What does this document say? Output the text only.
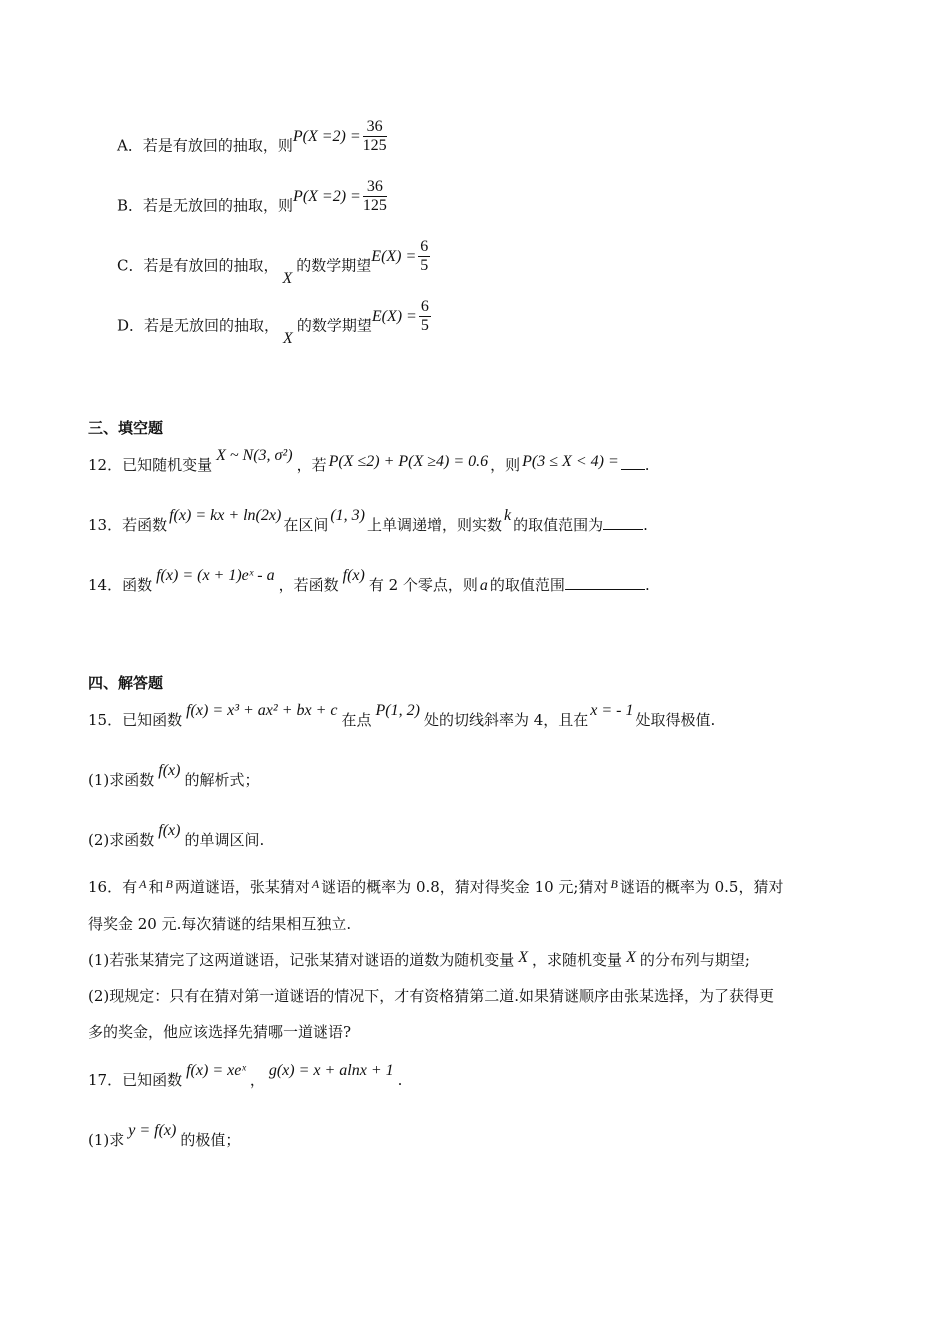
A．若是有放回的抽取，则$P(X =2) = \frac{36}{125}$
B．若是无放回的抽取，则$P(X =2) = \frac{36}{125}$
C．若是有放回的抽取，X的数学期望$E(X) = \frac{6}{5}$
D．若是无放回的抽取，X的数学期望$E(X) = \frac{6}{5}$
三、填空题
12．已知随机变量X ~ N(3, σ²)，若 P(X ≤2) + P(X ≥4) = 0.6 ，则 P(3 ≤ X < 4) = .
13．若函数f(x) = kx + ln(2x)在区间(1, 3)上单调递增，则实数k的取值范围为	.
14．函数f(x) = (x + 1)eˣ - a，若函数f(x)有 2 个零点，则 a 的取值范围	.
四、解答题
15．已知函数f(x) = x³ + ax² + bx + c在点P(1, 2)处的切线斜率为 4，且在x = - 1处取得极值.
(1)求函数f(x)的解析式；
(2)求函数f(x)的单调区间.
16．有 $^A$ 和 $^B$ 两道谜语，张某猜对 $^A$ 谜语的概率为 0.8，猜对得奖金 10 元;猜对 $^B$ 谜语的概率为 0.5，猜对
得奖金 20 元.每次猜谜的结果相互独立.
(1)若张某猜完了这两道谜语，记张某猜对谜语的道数为随机变量 X ，求随机变量 X 的分布列与期望;
(2)现规定：只有在猜对第一道谜语的情况下，才有资格猜第二道.如果猜谜顺序由张某选择，为了获得更
多的奖金，他应该选择先猜哪一道谜语?
17．已知函数f(x) = xeˣ，g(x) = x + alnx + 1.
(1)求y = f(x)的极值；
